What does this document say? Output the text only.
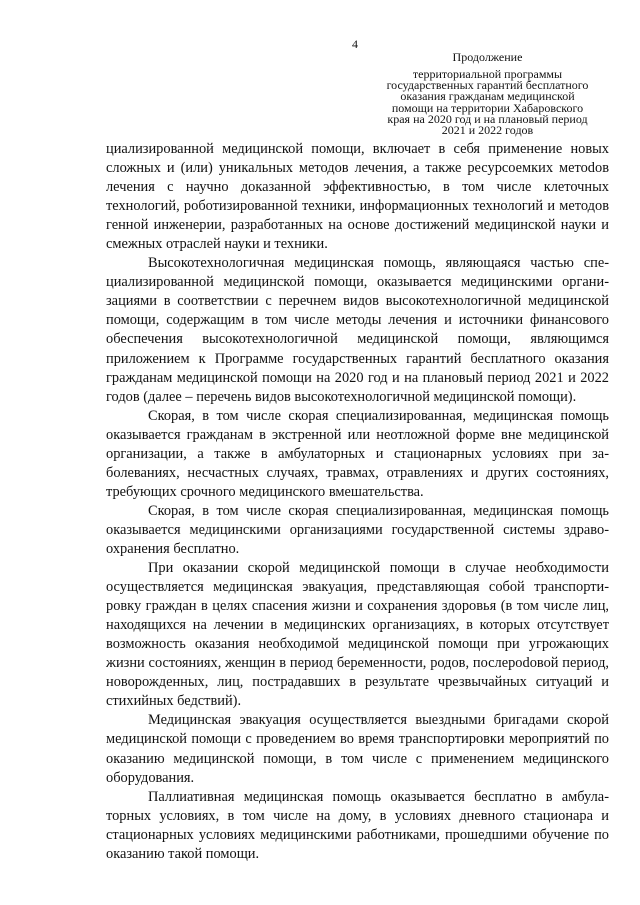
4
Продолжение
территориальной программы
государственных гарантий бесплатного
оказания гражданам медицинской
помощи на территории Хабаровского
края на 2020 год и на плановый период
2021 и 2022 годов

циализированной медицинской помощи, включает в себя применение новых сложных и (или) уникальных методов лечения, а также ресурсоемких метоdов лечения с научно доказанной эффективностью, в том числе клеточных технологий, роботизированной техники, информационных технологий и методов генной инженерии, разработанных на основе достижений медицинской науки и смежных отраслей науки и техники.

Высокотехнологичная медицинская помощь, являющаяся частью специализированной медицинской помощи, оказывается медицинскими организациями в соответствии с перечнем видов высокотехнологичной медицинской помощи, содержащим в том числе методы лечения и источники финансового обеспечения высокотехнологичной медицинской помощи, являющимся приложением к Программе государственных гарантий бесплатного оказания гражданам медицинской помощи на 2020 год и на плановый период 2021 и 2022 годов (далее – перечень видов высокотехнологичной медицинской помощи).

Скорая, в том числе скорая специализированная, медицинская помощь оказывается гражданам в экстренной или неотложной форме вне медицинской организации, а также в амбулаторных и стационарных условиях при заболеваниях, несчастных случаях, травмах, отравлениях и других состояниях, требующих срочного медицинского вмешательства.

Скорая, в том числе скорая специализированная, медицинская помощь оказывается медицинскими организациями государственной системы здравоохранения бесплатно.

При оказании скорой медицинской помощи в случае необходимости осуществляется медицинская эвакуация, представляющая собой транспортировку граждан в целях спасения жизни и сохранения здоровья (в том числе лиц, находящихся на лечении в медицинских организациях, в которых отсутствует возможность оказания необходимой медицинской помощи при угрожающих жизни состояниях, женщин в период беременности, родов, послероdовой период, новорожденных, лиц, пострадавших в результате чрезвычайных ситуаций и стихийных бедствий).

Медицинская эвакуация осуществляется выездными бригадами скорой медицинской помощи с проведением во время транспортировки мероприятий по оказанию медицинской помощи, в том числе с применением медицинского оборудования.

Паллиативная медицинская помощь оказывается бесплатно в амбулаторных условиях, в том числе на дому, в условиях дневного стационара и стационарных условиях медицинскими работниками, прошедшими обучение по оказанию такой помощи.
